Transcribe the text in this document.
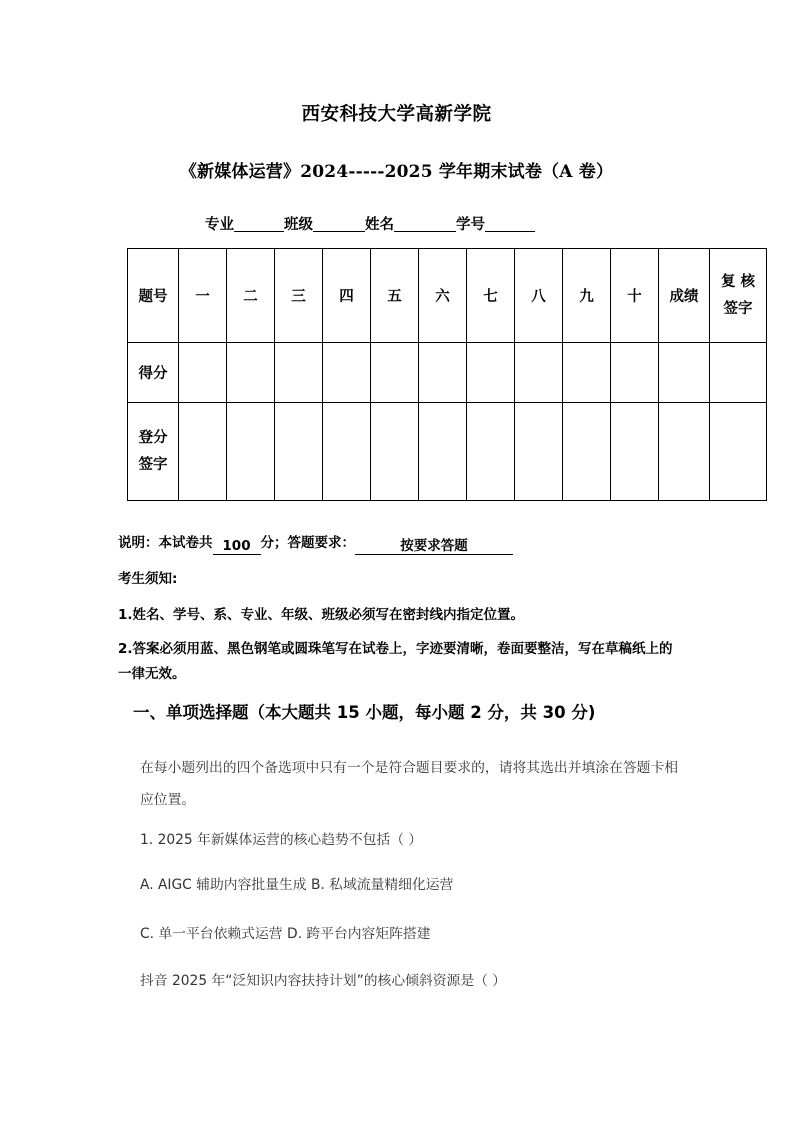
西安科技大学高新学院
《新媒体运营》2024-----2025 学年期末试卷（A 卷）
专业	班级	姓名	学号
题号	一	二	三	四	五	六	七	八	九	十	成绩	复 核
签字

得分												

登分
签字												

说明：本试卷共 100 分；答题要求：	按要求答题
考生须知:
1.姓名、学号、系、专业、年级、班级必须写在密封线内指定位置。
2.答案必须用蓝、黑色钢笔或圆珠笔写在试卷上，字迹要清晰，卷面要整洁，写在草稿纸上的一律无效。
一、单项选择题（本大题共 15 小题，每小题 2 分，共 30 分)

在每小题列出的四个备选项中只有一个是符合题目要求的，请将其选出并填涂在答题卡相应位置。

1. 2025 年新媒体运营的核心趋势不包括（ ）

A. AIGC 辅助内容批量生成 B. 私域流量精细化运营

C. 单一平台依赖式运营 D. 跨平台内容矩阵搭建

抖音 2025 年“泛知识内容扶持计划”的核心倾斜资源是（ ）
